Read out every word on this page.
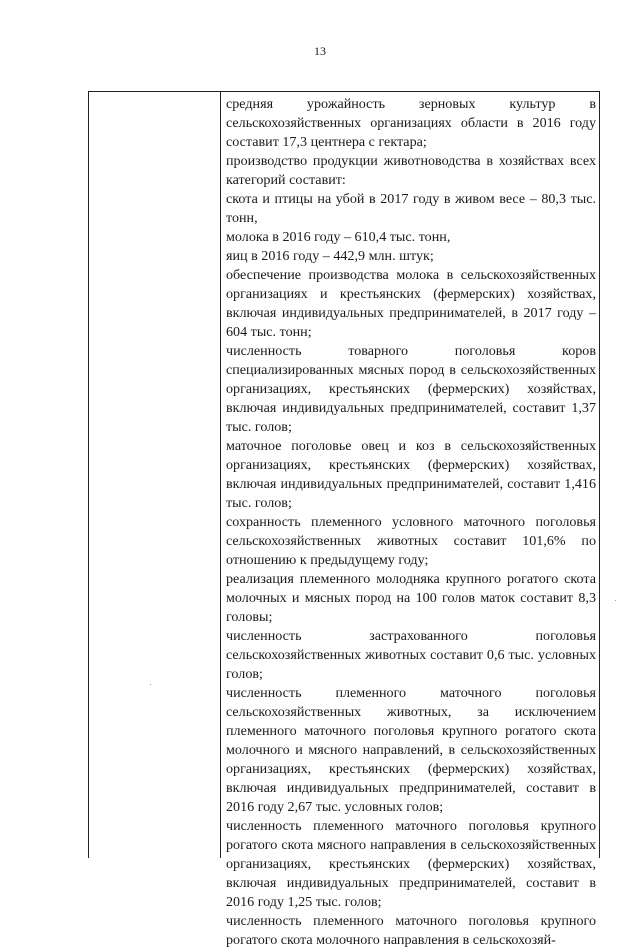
13

средняя урожайность зерновых культур в сельскохозяйственных организациях области в 2016 году составит 17,3 центнера с гектара;

производство продукции животноводства в хозяйствах всех категорий составит:

скота и птицы на убой в 2017 году в живом весе – 80,3 тыс. тонн,

молока в 2016 году – 610,4 тыс. тонн,

яиц в 2016 году – 442,9 млн. штук;

обеспечение производства молока в сельскохозяйственных организациях и крестьянских (фермерских) хозяйствах, включая индивидуальных предпринимателей, в 2017 году – 604 тыс. тонн;

численность товарного поголовья коров специализированных мясных пород в сельскохозяйственных организациях, крестьянских (фермерских) хозяйствах, включая индивидуальных предпринимателей, составит 1,37 тыс. голов;

маточное поголовье овец и коз в сельскохозяйственных организациях, крестьянских (фермерских) хозяйствах, включая индивидуальных предпринимателей, составит 1,416 тыс. голов;

сохранность племенного условного маточного поголовья сельскохозяйственных животных составит 101,6% по отношению к предыдущему году;

реализация племенного молодняка крупного рогатого скота молочных и мясных пород на 100 голов маток составит 8,3 головы;

численность застрахованного поголовья сельскохозяйственных животных составит 0,6 тыс. условных голов;

численность племенного маточного поголовья сельскохозяйственных животных, за исключением племенного маточного поголовья крупного рогатого скота молочного и мясного направлений, в сельскохозяйственных организациях, крестьянских (фермерских) хозяйствах, включая индивидуальных предпринимателей, составит в 2016 году 2,67 тыс. условных голов;

численность племенного маточного поголовья крупного рогатого скота мясного направления в сельскохозяйственных организациях, крестьянских (фермерских) хозяйствах, включая индивидуальных предпринимателей, составит в 2016 году 1,25 тыс. голов;

численность племенного маточного поголовья крупного рогатого скота молочного направления в сельскохозяй-
